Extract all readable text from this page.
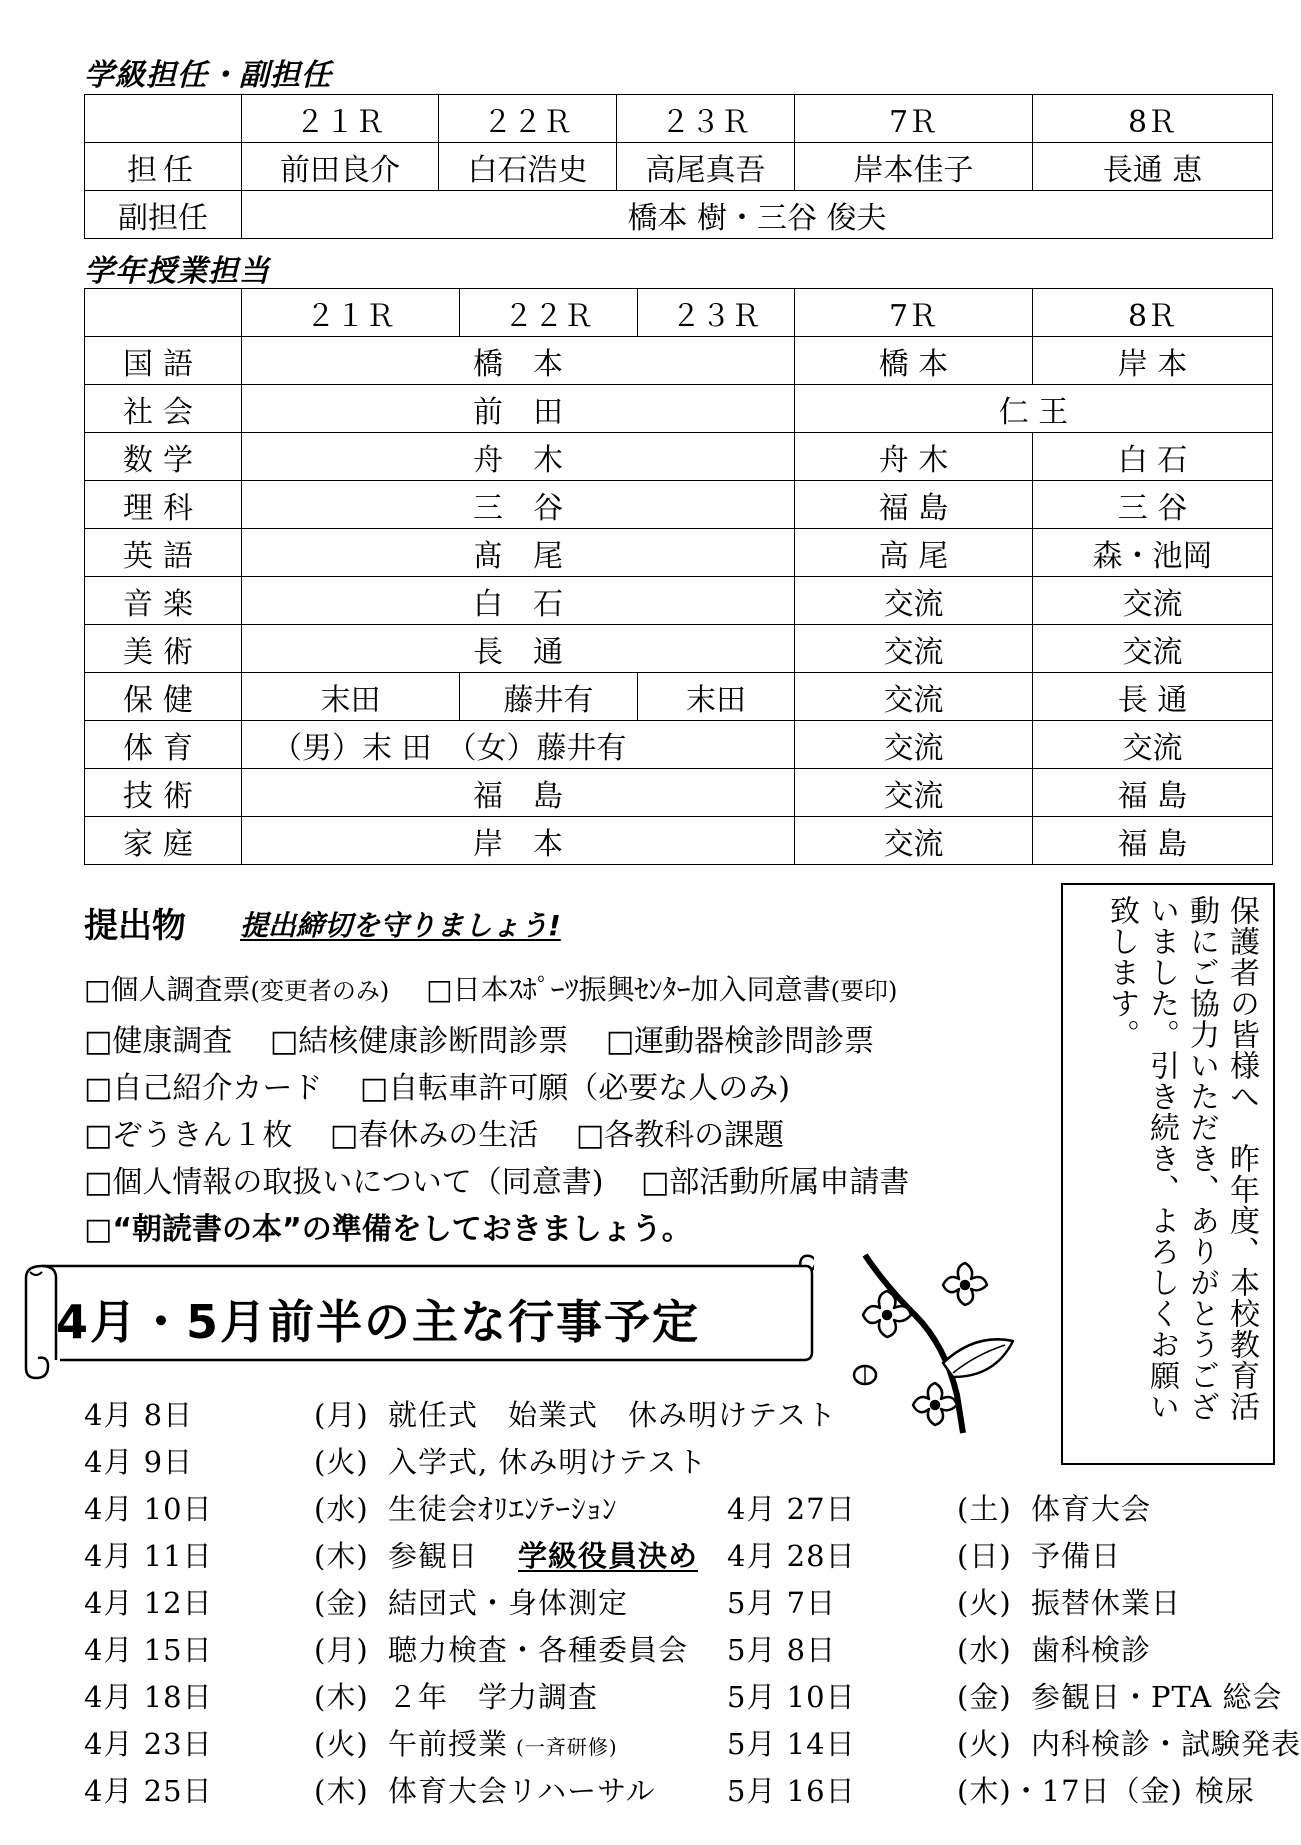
学級担任・副担任
	２１Ｒ	２２Ｒ	２３Ｒ	7Ｒ	8Ｒ
担任	前田良介	白石浩史	高尾真吾	岸本佳子	長通 恵
副担任	橋本 樹・三谷 俊夫				
学年授業担当
	２１Ｒ	２２Ｒ	２３Ｒ	7Ｒ	8Ｒ
国語	橋　本			橋 本	岸 本
社会	前　田			仁 王	
数学	舟　木			舟 木	白 石
理科	三　谷			福 島	三 谷
英語	髙　尾			高 尾	森・池岡
音楽	白　石			交流	交流
美術	長　通			交流	交流
保健	末田	藤井有	末田	交流	長 通
体育	（男）末 田　（女）藤井有			交流	交流
技術	福　島			交流	福 島
家庭	岸　本			交流	福 島
提出物 提出締切を守りましょう!
□個人調査票(変更者のみ) □日本ｽﾎﾟｰﾂ振興ｾﾝﾀｰ加入同意書(要印)
□健康調査 □結核健康診断問診票 □運動器検診問診票
□自己紹介カード □自転車許可願（必要な人のみ)
□ぞうきん１枚 □春休みの生活 □各教科の課題
□個人情報の取扱いについて（同意書) □部活動所属申請書
□“朝読書の本”の準備をしておきましょう。	保護者の皆様へ　昨年度、本校教育活動にご協力いただき、ありがとうございました。引き続き、よろしくお願い致します。
4月・5月前半の主な行事予定
4月 8日	(月) 就任式　始業式　休み明けテスト
4月 9日	(火) 入学式, 休み明けテスト
4月 10日	(水) 生徒会ｵﾘｴﾝﾃｰｼｮﾝ
4月 11日	(木) 参観日 学級役員決め
4月 12日	(金) 結団式・身体測定
4月 15日	(月) 聴力検査・各種委員会
4月 18日	(木) ２年　学力調査
4月 23日	(火) 午前授業 (一斉研修)
4月 25日	(木) 体育大会リハーサル
4月 27日	(土) 体育大会
4月 28日	(日) 予備日
5月 7日	(火) 振替休業日
5月 8日	(水) 歯科検診
5月 10日	(金) 参観日・PTA 総会
5月 14日	(火) 内科検診・試験発表
5月 16日	(木)・17日（金) 検尿
